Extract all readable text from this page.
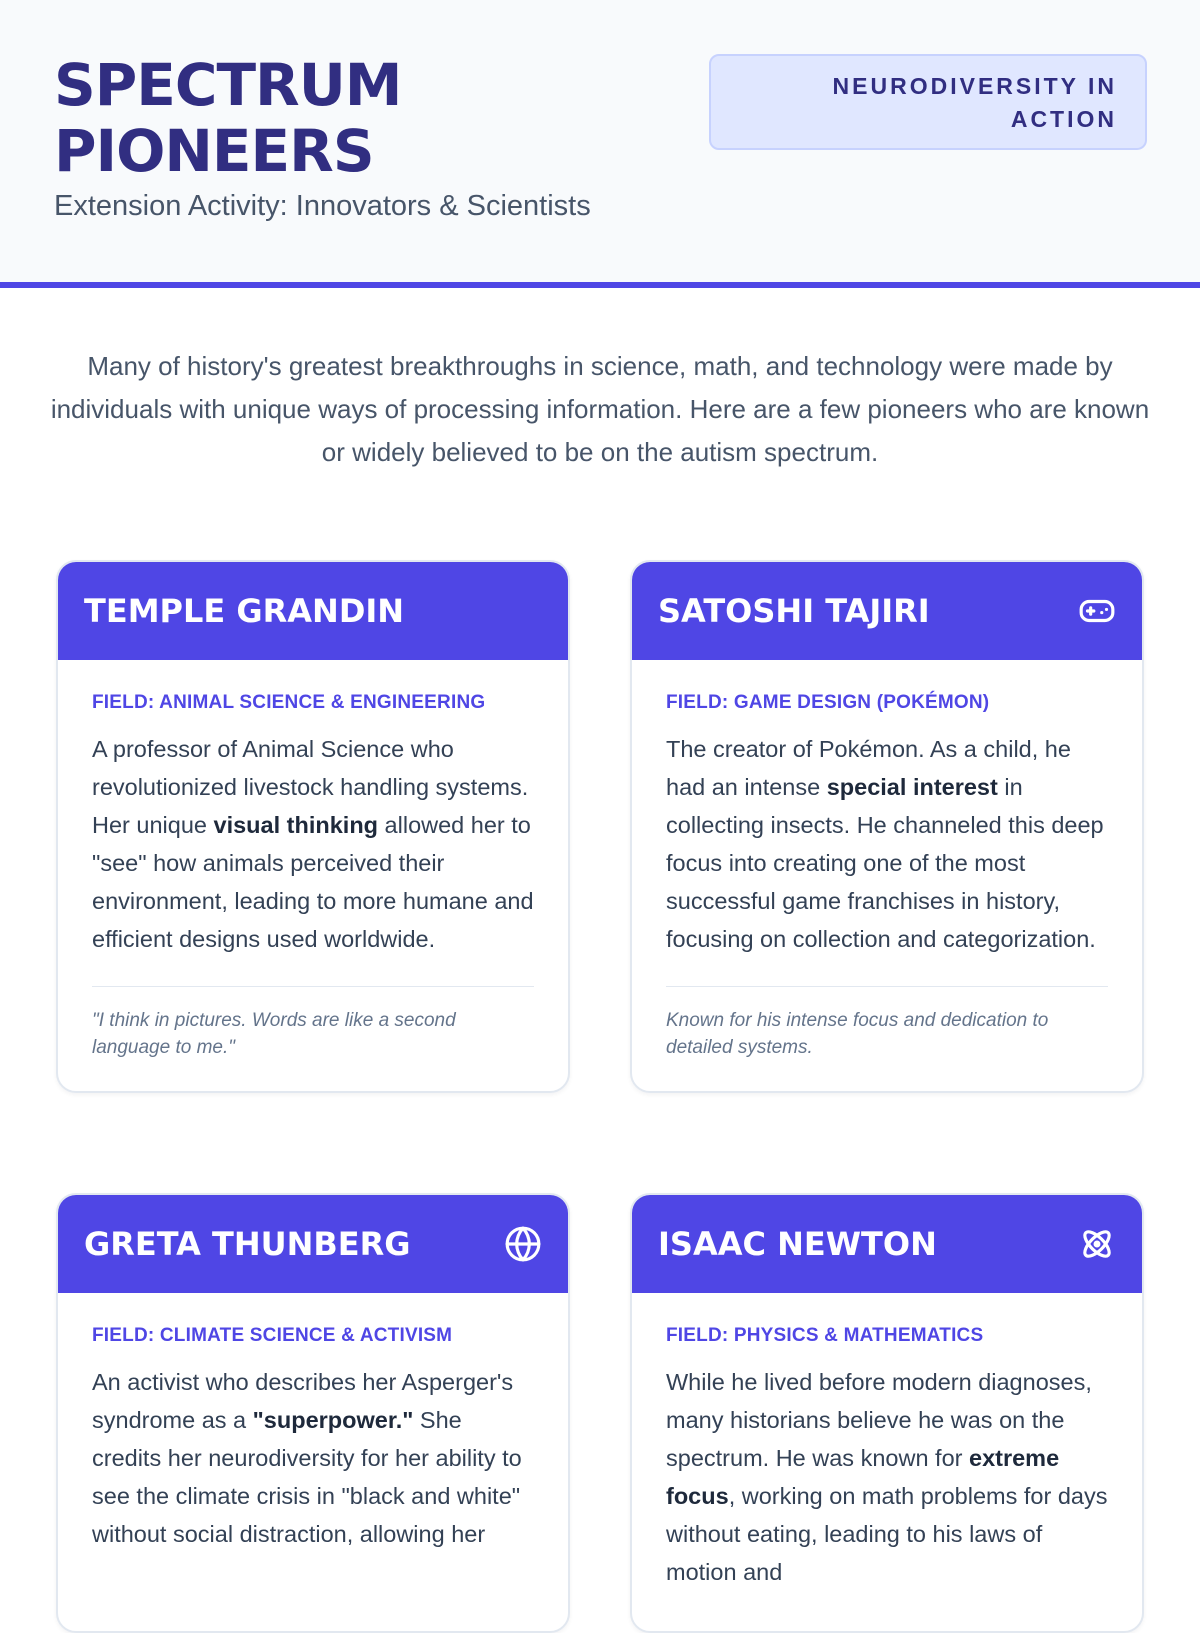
SPECTRUM
PIONEERS
Extension Activity: Innovators & Scientists
NEURODIVERSITY IN ACTION

Many of history's greatest breakthroughs in science, math, and technology were made by individuals with unique ways of processing information. Here are a few pioneers who are known or widely believed to be on the autism spectrum.

TEMPLE GRANDIN
FIELD: ANIMAL SCIENCE & ENGINEERING
A professor of Animal Science who revolutionized livestock handling systems. Her unique visual thinking allowed her to "see" how animals perceived their environment, leading to more humane and efficient designs used worldwide.
"I think in pictures. Words are like a second language to me."
SATOSHI TAJIRI
FIELD: GAME DESIGN (POKÉMON)
The creator of Pokémon. As a child, he had an intense special interest in collecting insects. He channeled this deep focus into creating one of the most successful game franchises in history, focusing on collection and categorization.
Known for his intense focus and dedication to detailed systems.
GRETA THUNBERG
FIELD: CLIMATE SCIENCE & ACTIVISM
An activist who describes her Asperger's syndrome as a "superpower." She credits her neurodiversity for her ability to see the climate crisis in "black and white" without social distraction, allowing her
ISAAC NEWTON
FIELD: PHYSICS & MATHEMATICS
While he lived before modern diagnoses, many historians believe he was on the spectrum. He was known for extreme focus, working on math problems for days without eating, leading to his laws of motion and
